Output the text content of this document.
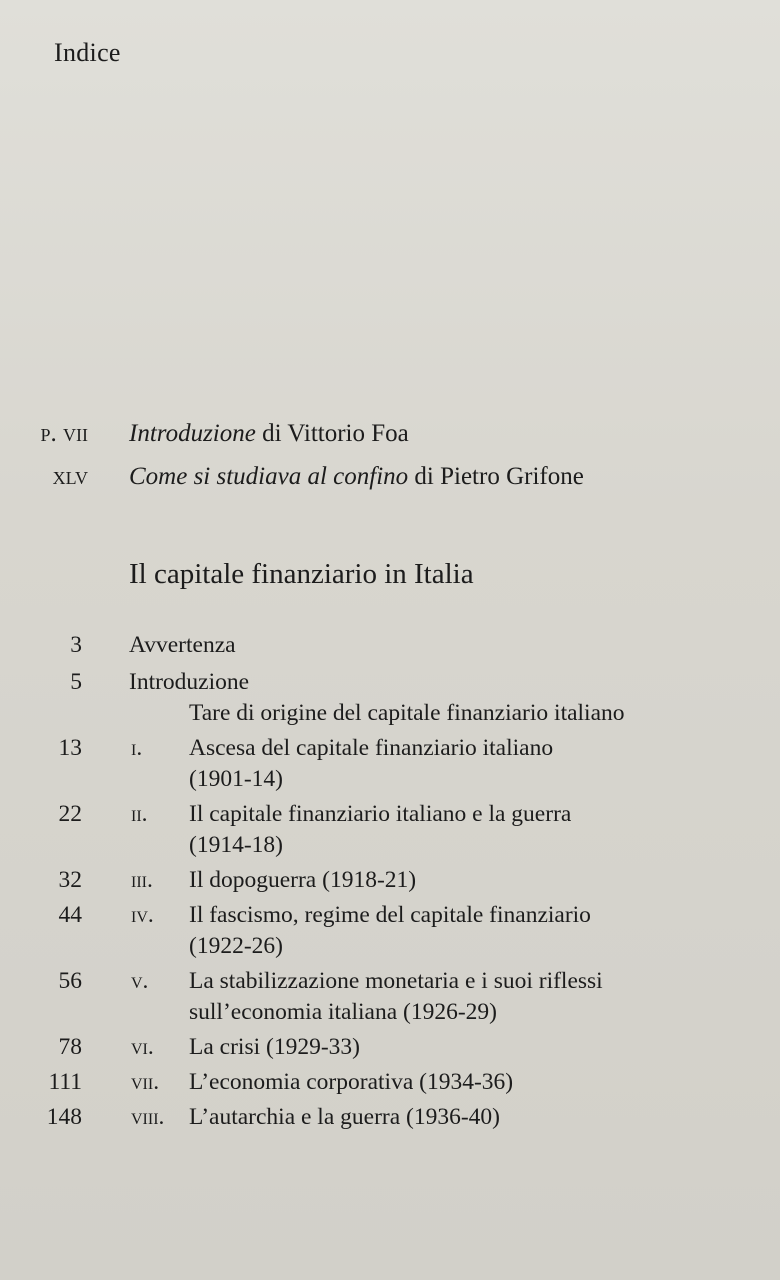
Indice
p. vii Introduzione di Vittorio Foa
xlv Come si studiava al confino di Pietro Grifone
Il capitale finanziario in Italia
3 Avvertenza
5 Introduzione
Tare di origine del capitale finanziario italiano
13 i. Ascesa del capitale finanziario italiano
(1901-14)
22 ii. Il capitale finanziario italiano e la guerra
(1914-18)
32 iii. Il dopoguerra (1918-21)
44 iv. Il fascismo, regime del capitale finanziario
(1922-26)
56 v. La stabilizzazione monetaria e i suoi riflessi
sull’economia italiana (1926-29)
78 vi. La crisi (1929-33)
111 vii. L’economia corporativa (1934-36)
148 viii. L’autarchia e la guerra (1936-40)
